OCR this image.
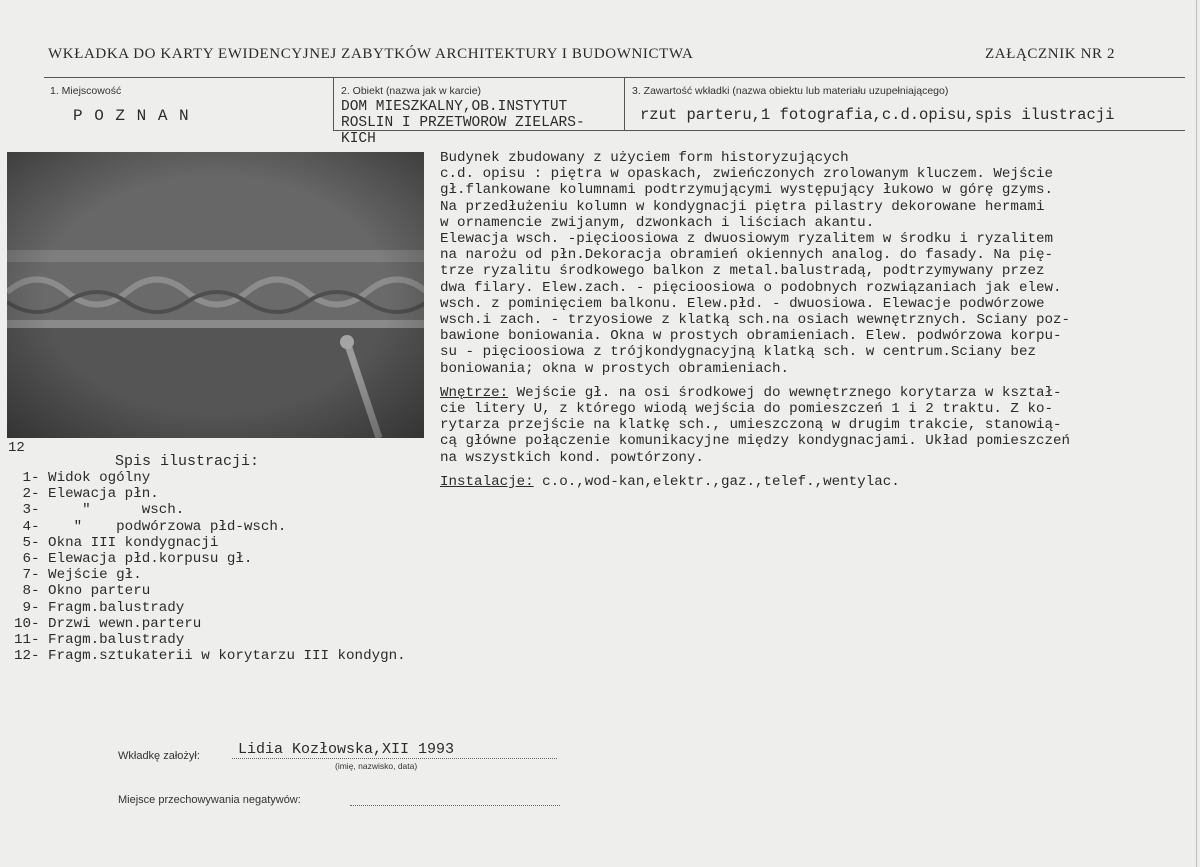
WKŁADKA DO KARTY EWIDENCYJNEJ ZABYTKÓW ARCHITEKTURY I BUDOWNICTWA	ZAŁĄCZNIK NR 2
1. Miejscowość
P O Z N A N
2. Obiekt (nazwa jak w karcie)
DOM MIESZKALNY,OB.INSTYTUT
ROSLIN I PRZETWOROW ZIELARS-
KICH
3. Zawartość wkładki (nazwa obiektu lub materiału uzupełniającego)
rzut parteru,1 fotografia,c.d.opisu,spis ilustracji
12
Budynek zbudowany z użyciem form historyzujących
c.d. opisu : piętra w opaskach, zwieńczonych zrolowanym kluczem. Wejście
gł.flankowane kolumnami podtrzymującymi występujący łukowo w górę gzyms.
Na przedłużeniu kolumn w kondygnacji piętra pilastry dekorowane hermami
w ornamencie zwijanym, dzwonkach i liściach akantu.
Elewacja wsch. -pięcioosiowa z dwuosiowym ryzalitem w środku i ryzalitem
na narożu od płn.Dekoracja obramień okiennych analog. do fasady. Na pię-
trze ryzalitu środkowego balkon z metal.balustradą, podtrzymywany przez
dwa filary. Elew.zach. - pięcioosiowa o podobnych rozwiązaniach jak elew.
wsch. z pominięciem balkonu. Elew.płd. - dwuosiowa. Elewacje podwórzowe
wsch.i zach. - trzyosiowe z klatką sch.na osiach wewnętrznych. Sciany poz-
bawione boniowania. Okna w prostych obramieniach. Elew. podwórzowa korpu-
su - pięcioosiowa z trójkondygnacyjną klatką sch. w centrum.Sciany bez
boniowania; okna w prostych obramieniach.
Wnętrze: Wejście gł. na osi środkowej do wewnętrznego korytarza w kształ-
cie litery U, z którego wiodą wejścia do pomieszczeń 1 i 2 traktu. Z ko-
rytarza przejście na klatkę sch., umieszczoną w drugim trakcie, stanowią-
cą główne połączenie komunikacyjne między kondygnacjami. Układ pomieszczeń
na wszystkich kond. powtórzony.
Instalacje: c.o.,wod-kan,elektr.,gaz.,telef.,wentylac.
Spis ilustracji:
1- Widok ogólny
2- Elewacja płn.
3-     "      wsch.
4-    "    podwórzowa płd-wsch.
5- Okna III kondygnacji
6- Elewacja płd.korpusu gł.
7- Wejście gł.
8- Okno parteru
9- Fragm.balustrady
10- Drzwi wewn.parteru
11- Fragm.balustrady
12- Fragm.sztukaterii w korytarzu III kondygn.
Wkładkę założył:	Lidia Kozłowska,XII 1993
(imię, nazwisko, data)
Miejsce przechowywania negatywów:
